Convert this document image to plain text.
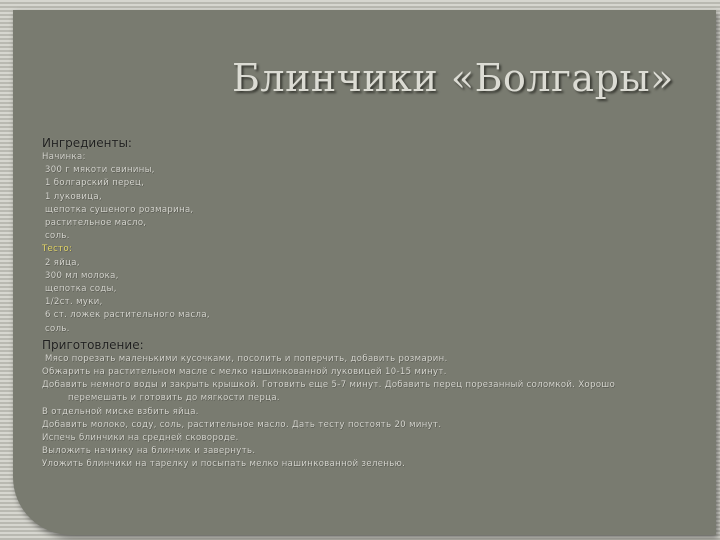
Блинчики «Болгары»
Ингредиенты:
Начинка:
300 г мякоти свинины,
1 болгарский перец,
1 луковица,
щепотка сушеного розмарина,
растительное масло,
соль.
Тесто:
2 яйца,
300 мл молока,
щепотка соды,
1/2ст. муки,
6 ст. ложек растительного масла,
соль.
Приготовление:
Мясо порезать маленькими кусочками, посолить и поперчить, добавить розмарин.
Обжарить на растительном масле с мелко нашинкованной луковицей 10-15 минут.
Добавить немного воды и закрыть крышкой. Готовить еще 5-7 минут. Добавить перец порезанный соломкой. Хорошо
перемешать и готовить до мягкости перца.
В отдельной миске взбить яйца.
Добавить молоко, соду, соль, растительное масло. Дать тесту постоять 20 минут.
Испечь блинчики на средней сковороде.
Выложить начинку на блинчик и завернуть.
Уложить блинчики на тарелку и посыпать мелко нашинкованной зеленью.
